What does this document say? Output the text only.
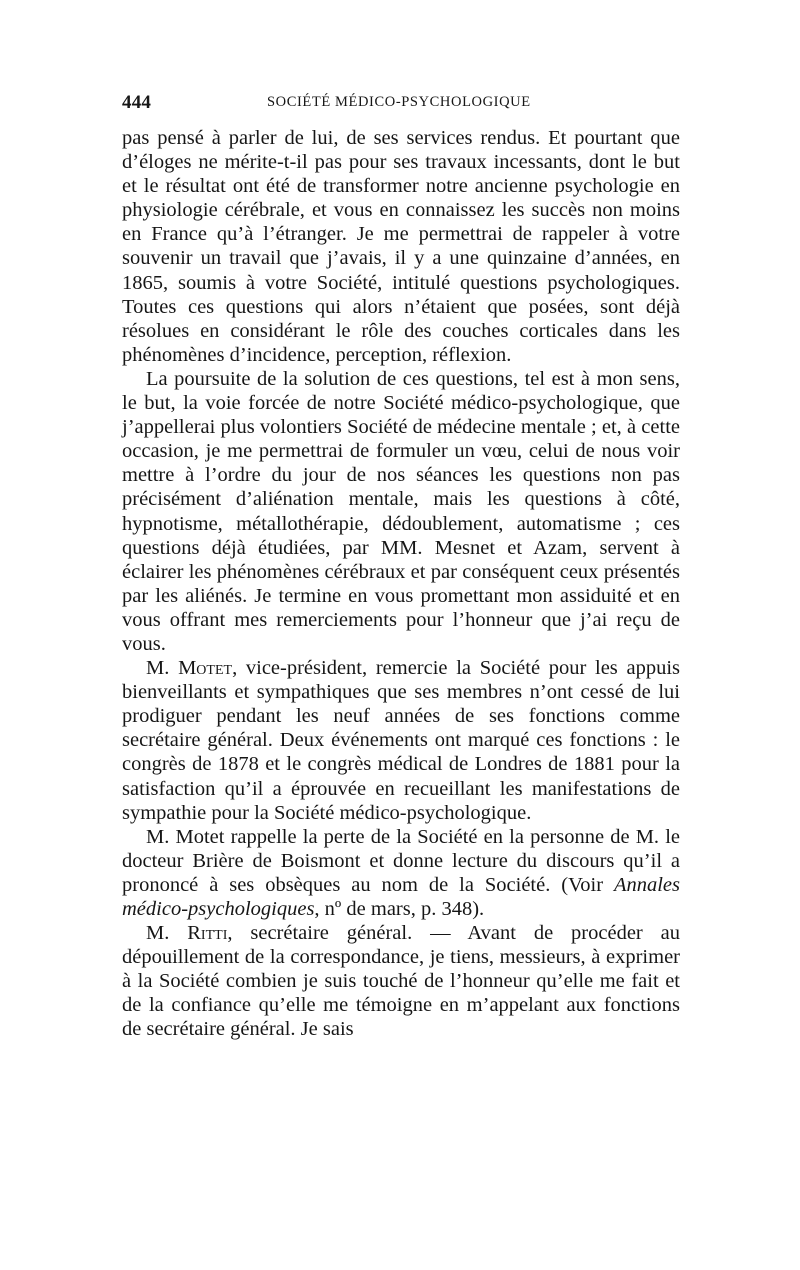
444	SOCIÉTÉ MÉDICO-PSYCHOLOGIQUE

pas pensé à parler de lui, de ses services rendus. Et pourtant que d’éloges ne mérite-t-il pas pour ses travaux incessants, dont le but et le résultat ont été de transformer notre ancienne psychologie en physiologie cérébrale, et vous en connaissez les succès non moins en France qu’à l’étranger. Je me permettrai de rappeler à votre souvenir un travail que j’avais, il y a une quinzaine d’années, en 1865, soumis à votre Société, intitulé questions psychologiques. Toutes ces questions qui alors n’étaient que posées, sont déjà résolues en considérant le rôle des couches corticales dans les phénomènes d’incidence, perception, réflexion.

La poursuite de la solution de ces questions, tel est à mon sens, le but, la voie forcée de notre Société médico-psychologique, que j’appellerai plus volontiers Société de médecine mentale ; et, à cette occasion, je me permettrai de formuler un vœu, celui de nous voir mettre à l’ordre du jour de nos séances les questions non pas précisément d’aliénation mentale, mais les questions à côté, hypnotisme, métallothérapie, dédoublement, automatisme ; ces questions déjà étudiées, par MM. Mesnet et Azam, servent à éclairer les phénomènes cérébraux et par conséquent ceux présentés par les aliénés. Je termine en vous promettant mon assiduité et en vous offrant mes remerciements pour l’honneur que j’ai reçu de vous.

M. Motet, vice-président, remercie la Société pour les appuis bienveillants et sympathiques que ses membres n’ont cessé de lui prodiguer pendant les neuf années de ses fonctions comme secrétaire général. Deux événements ont marqué ces fonctions : le congrès de 1878 et le congrès médical de Londres de 1881 pour la satisfaction qu’il a éprouvée en recueillant les manifestations de sympathie pour la Société médico-psychologique.

M. Motet rappelle la perte de la Société en la personne de M. le docteur Brière de Boismont et donne lecture du discours qu’il a prononcé à ses obsèques au nom de la Société. (Voir Annales médico-psychologiques, nº de mars, p. 348).

M. Ritti, secrétaire général. — Avant de procéder au dépouillement de la correspondance, je tiens, messieurs, à exprimer à la Société combien je suis touché de l’honneur qu’elle me fait et de la confiance qu’elle me témoigne en m’appelant aux fonctions de secrétaire général. Je sais
